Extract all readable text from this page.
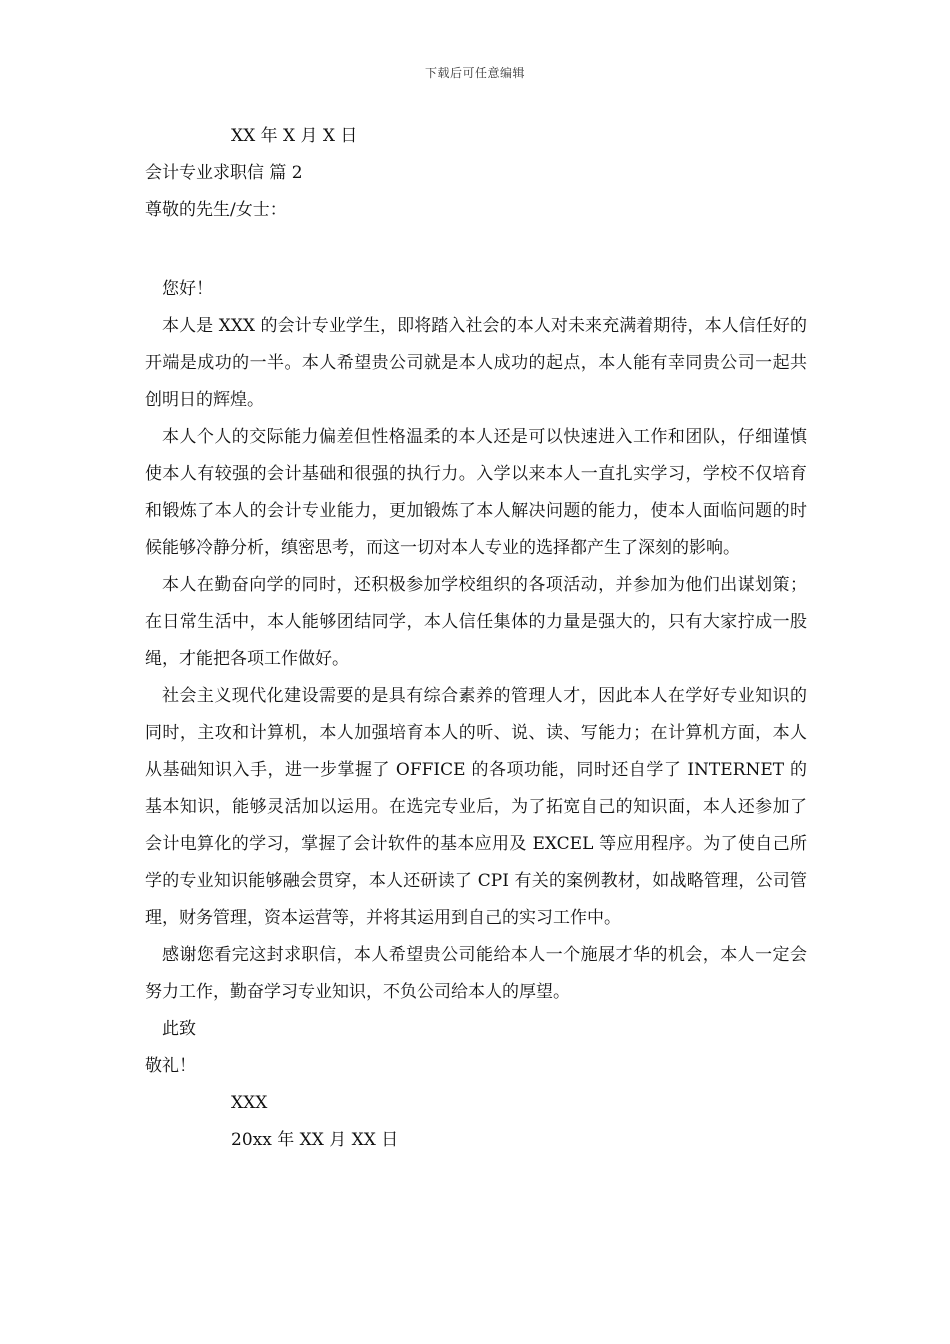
下载后可任意编辑
XX 年 X 月 X 日
会计专业求职信 篇 2
尊敬的先生/女士：
您好！

本人是 XXX 的会计专业学生，即将踏入社会的本人对未来充满着期待，本人信任好的开端是成功的一半。本人希望贵公司就是本人成功的起点，本人能有幸同贵公司一起共创明日的辉煌。

本人个人的交际能力偏差但性格温柔的本人还是可以快速进入工作和团队，仔细谨慎使本人有较强的会计基础和很强的执行力。入学以来本人一直扎实学习，学校不仅培育和锻炼了本人的会计专业能力，更加锻炼了本人解决问题的能力，使本人面临问题的时候能够冷静分析，缜密思考，而这一切对本人专业的选择都产生了深刻的影响。

本人在勤奋向学的同时，还积极参加学校组织的各项活动，并参加为他们出谋划策；在日常生活中，本人能够团结同学，本人信任集体的力量是强大的，只有大家拧成一股绳，才能把各项工作做好。

社会主义现代化建设需要的是具有综合素养的管理人才，因此本人在学好专业知识的同时，主攻和计算机，本人加强培育本人的听、说、读、写能力；在计算机方面，本人从基础知识入手，进一步掌握了 OFFICE 的各项功能，同时还自学了 INTERNET 的基本知识，能够灵活加以运用。在选完专业后，为了拓宽自己的知识面，本人还参加了会计电算化的学习，掌握了会计软件的基本应用及 EXCEL 等应用程序。为了使自己所学的专业知识能够融会贯穿，本人还研读了 CPI 有关的案例教材，如战略管理，公司管理，财务管理，资本运营等，并将其运用到自己的实习工作中。

感谢您看完这封求职信，本人希望贵公司能给本人一个施展才华的机会，本人一定会努力工作，勤奋学习专业知识，不负公司给本人的厚望。

此致
敬礼！
XXX
20xx 年 XX 月 XX 日
